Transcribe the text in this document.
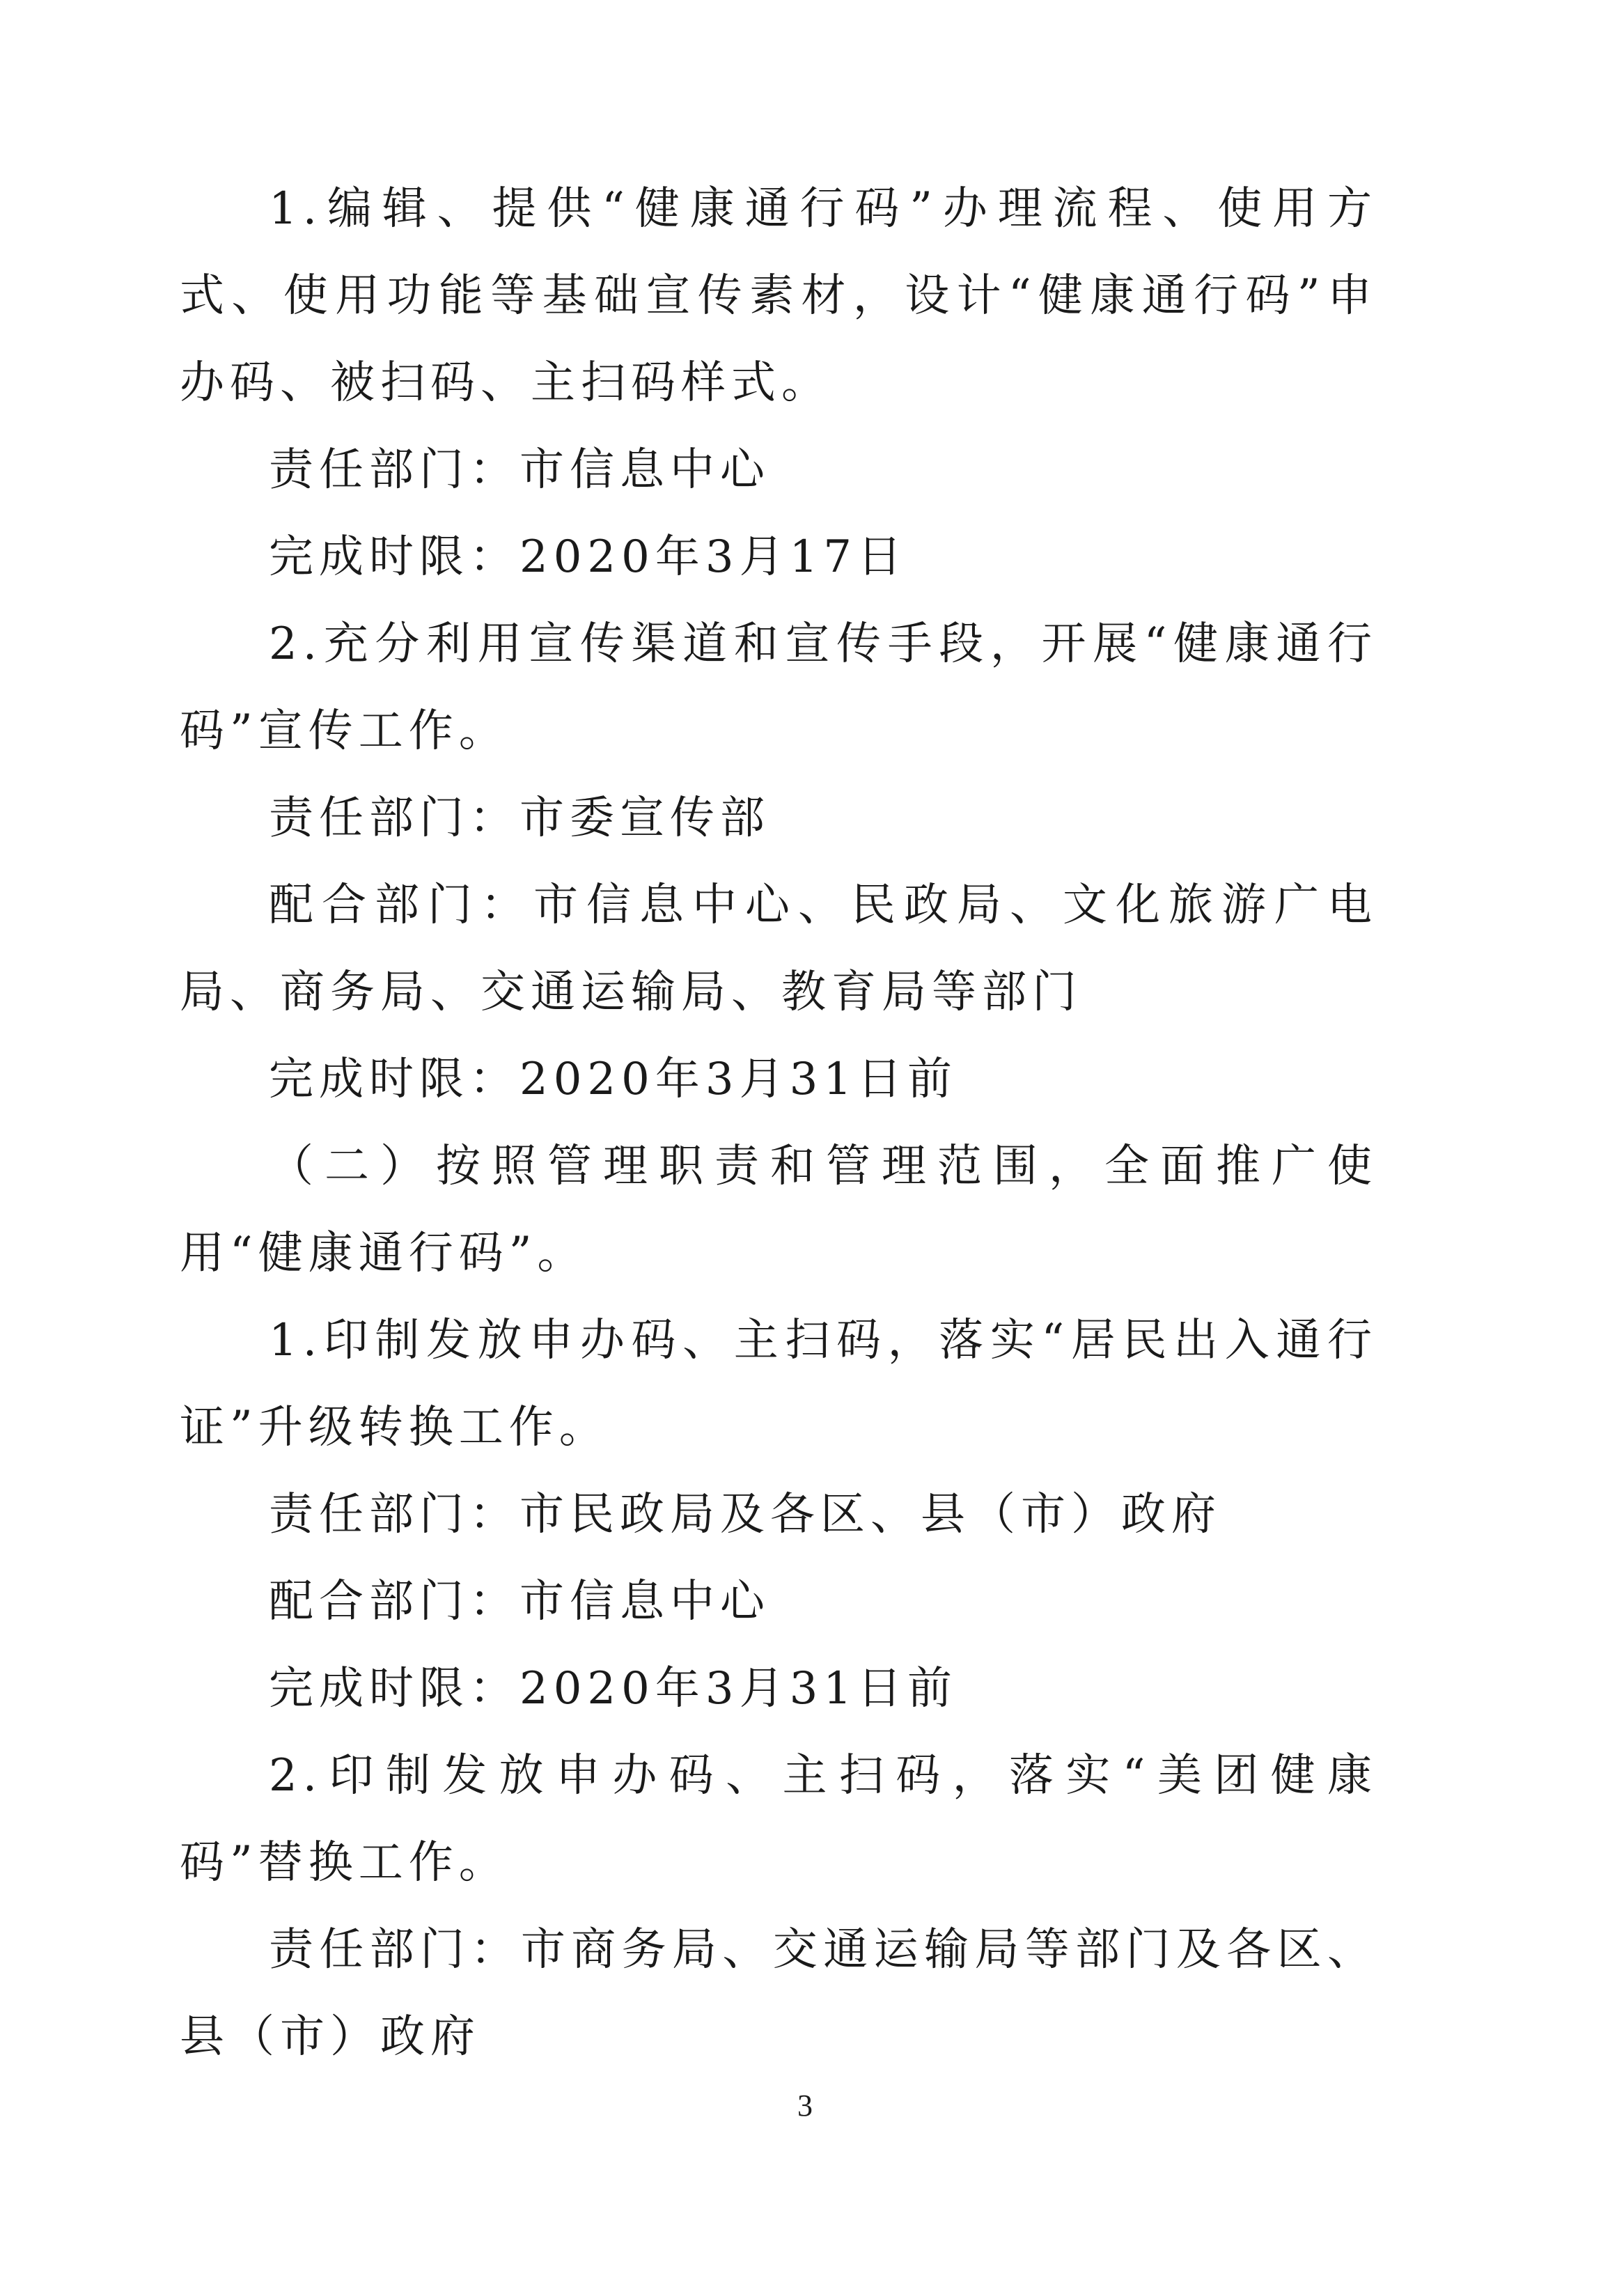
1.编辑、提供“健康通行码”办理流程、使用方式、使用功能等基础宣传素材，设计“健康通行码”申办码、被扫码、主扫码样式。

责任部门：市信息中心

完成时限：2020年3月17日

2.充分利用宣传渠道和宣传手段，开展“健康通行码”宣传工作。

责任部门：市委宣传部

配合部门：市信息中心、民政局、文化旅游广电局、商务局、交通运输局、教育局等部门

完成时限：2020年3月31日前

（二）按照管理职责和管理范围，全面推广使用“健康通行码”。

1.印制发放申办码、主扫码，落实“居民出入通行证”升级转换工作。

责任部门：市民政局及各区、县（市）政府

配合部门：市信息中心

完成时限：2020年3月31日前

2.印制发放申办码、主扫码，落实“美团健康码”替换工作。

责任部门：市商务局、交通运输局等部门及各区、县（市）政府

3
